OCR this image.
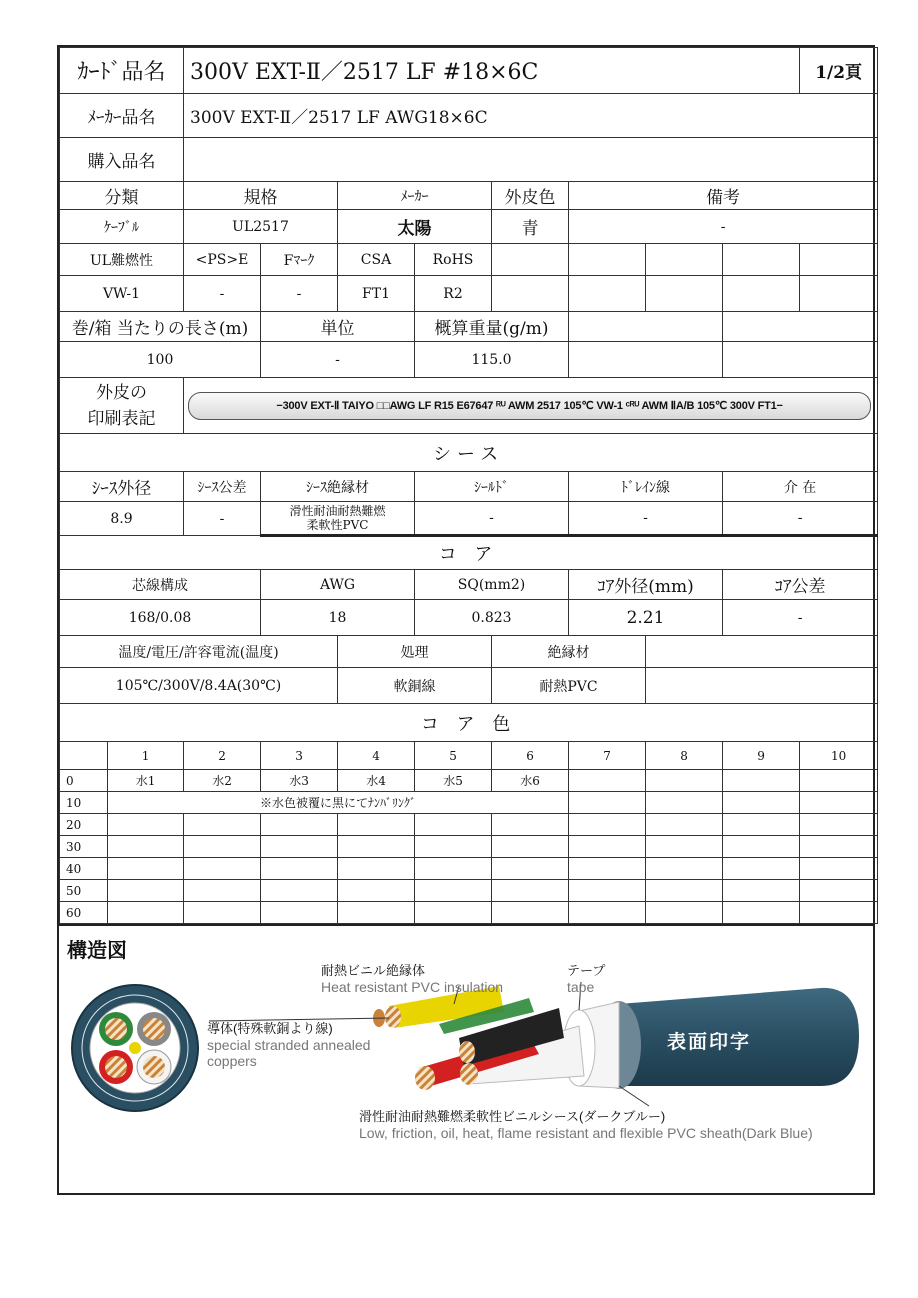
ｶｰﾄﾞ品名		300V EXT-Ⅱ／2517 LF #18×6C								1/2頁
ﾒｰｶｰ品名		300V EXT-Ⅱ／2517 LF AWG18×6C								
購入品名										
分類		規格		ﾒｰｶｰ		外皮色	備考			
ｹｰﾌﾞﾙ		UL2517		太陽		青	-			
UL難燃性		<PS>E	Fﾏｰｸ	CSA	RoHS					
VW-1		-	-	FT1	R2					
巻/箱 当たりの長さ(m)			単位		概算重量(g/m)					
100			-		115.0					

外皮の
印刷表記		−300V EXT-Ⅱ TAIYO □□AWG LF R15 E67647 ᴿᵁ AWM 2517 105℃ VW-1 ᶜᴿᵁ AWM ⅡA/B 105℃ 300V FT1−								

シース										
ｼｰｽ外径		ｼｰｽ公差	ｼｰｽ絶縁材		ｼｰﾙﾄﾞ		ﾄﾞﾚｲﾝ線		介 在	
8.9		-	滑性耐油耐熱難燃
柔軟性PVC		-		-		-	
コ ア										
芯線構成			AWG		SQ(mm2)		ｺｱ外径(mm)		ｺｱ公差	
168/0.08			18		0.823		2.21		-	
温度/電圧/許容電流(温度)				処理		絶縁材				
105℃/300V/8.4A(30℃)				軟銅線		耐熱PVC				
コ ア 色										
	1	2	3	4	5	6	7	8	9	10
0	水1	水2	水3	水4	水5	水6				
10	※水色被覆に黒にてﾅﾝﾊﾞﾘﾝｸﾞ									
20										
30										
40										
50										
60										
構造図
耐熱ビニル絶縁体
Heat resistant PVC insulation
テープ
tape
導体(特殊軟銅より線)
special stranded annealed
coppers
表面印字
滑性耐油耐熱難燃柔軟性ビニルシース(ダークブルー)
Low, friction, oil, heat, flame resistant and flexible PVC sheath(Dark Blue)
